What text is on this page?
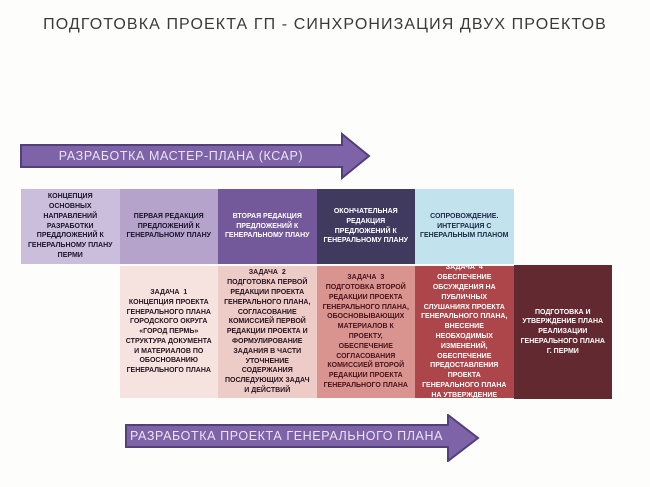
ПОДГОТОВКА ПРОЕКТА ГП - СИНХРОНИЗАЦИЯ ДВУХ ПРОЕКТОВ
РАЗРАБОТКА МАСТЕР-ПЛАНА (КСАР)
КОНЦЕПЦИЯ ОСНОВНЫХ НАПРАВЛЕНИЙ РАЗРАБОТКИ ПРЕДДЛОЖЕНИЙ К ГЕНЕРАЛЬНОМУ ПЛАНУ ПЕРМИ
ПЕРВАЯ РЕДАКЦИЯ ПРЕДЛОЖЕНИЙ К ГЕНЕРАЛЬНОМУ ПЛАНУ
ВТОРАЯ РЕДАКЦИЯ ПРЕДЛОЖЕНИЙ К ГЕНЕРАЛЬНОМУ ПЛАНУ
ОКОНЧАТЕЛЬНАЯ РЕДАКЦИЯ ПРЕДЛОЖЕНИЙ К ГЕНЕРАЛЬНОМУ ПЛАНУ
СОПРОВОЖДЕНИЕ. ИНТЕГРАЦИЯ С ГЕНЕРАЛЬНЫМ ПЛАНОМ
ЗАДАЧА  1
КОНЦЕПЦИЯ ПРОЕКТА ГЕНЕРАЛЬНОГО ПЛАНА ГОРОДСКОГО ОКРУГА «ГОРОД ПЕРМЬ» СТРУКТУРА ДОКУМЕНТА И МАТЕРИАЛОВ ПО ОБОСНОВАНИЮ ГЕНЕРАЛЬНОГО ПЛАНА
ЗАДАЧА  2
ПОДГОТОВКА ПЕРВОЙ РЕДАКЦИИ ПРОЕКТА ГЕНЕРАЛЬНОГО ПЛАНА, СОГЛАСОВАНИЕ КОМИССИЕЙ ПЕРВОЙ РЕДАКЦИИ ПРОЕКТА И ФОРМУЛИРОВАНИЕ ЗАДАНИЯ В ЧАСТИ УТОЧНЕНИЕ СОДЕРЖАНИЯ ПОСЛЕДУЮЩИХ ЗАДАЧ И ДЕЙСТВИЙ
ЗАДАЧА  3
ПОДГОТОВКА ВТОРОЙ РЕДАКЦИИ ПРОЕКТА ГЕНЕРАЛЬНОГО ПЛАНА, ОБОСНОВЫВАЮЩИХ МАТЕРИАЛОВ К ПРОЕКТУ, ОБЕСПЕЧЕНИЕ СОГЛАСОВАНИЯ КОМИССИЕЙ ВТОРОЙ РЕДАКЦИИ ПРОЕКТА ГЕНЕРАЛЬНОГО ПЛАНА
ЗАДАЧА  4
ОБЕСПЕЧЕНИЕ ОБСУЖДЕНИЯ НА ПУБЛИЧНЫХ СЛУШАНИЯХ ПРОЕКТА ГЕНЕРАЛЬНОГО ПЛАНА, ВНЕСЕНИЕ НЕОБХОДИМЫХ ИЗМЕНЕНИЙ, ОБЕСПЕЧЕНИЕ ПРЕДОСТАВЛЕНИЯ ПРОЕКТА ГЕНЕРАЛЬНОГО ПЛАНА НА УТВЕРЖДЕНИЕ
ПОДГОТОВКА И УТВЕРЖДЕНИЕ ПЛАНА РЕАЛИЗАЦИИ ГЕНЕРАЛЬНОГО ПЛАНА Г. ПЕРМИ
РАЗРАБОТКА ПРОЕКТА ГЕНЕРАЛЬНОГО ПЛАНА
